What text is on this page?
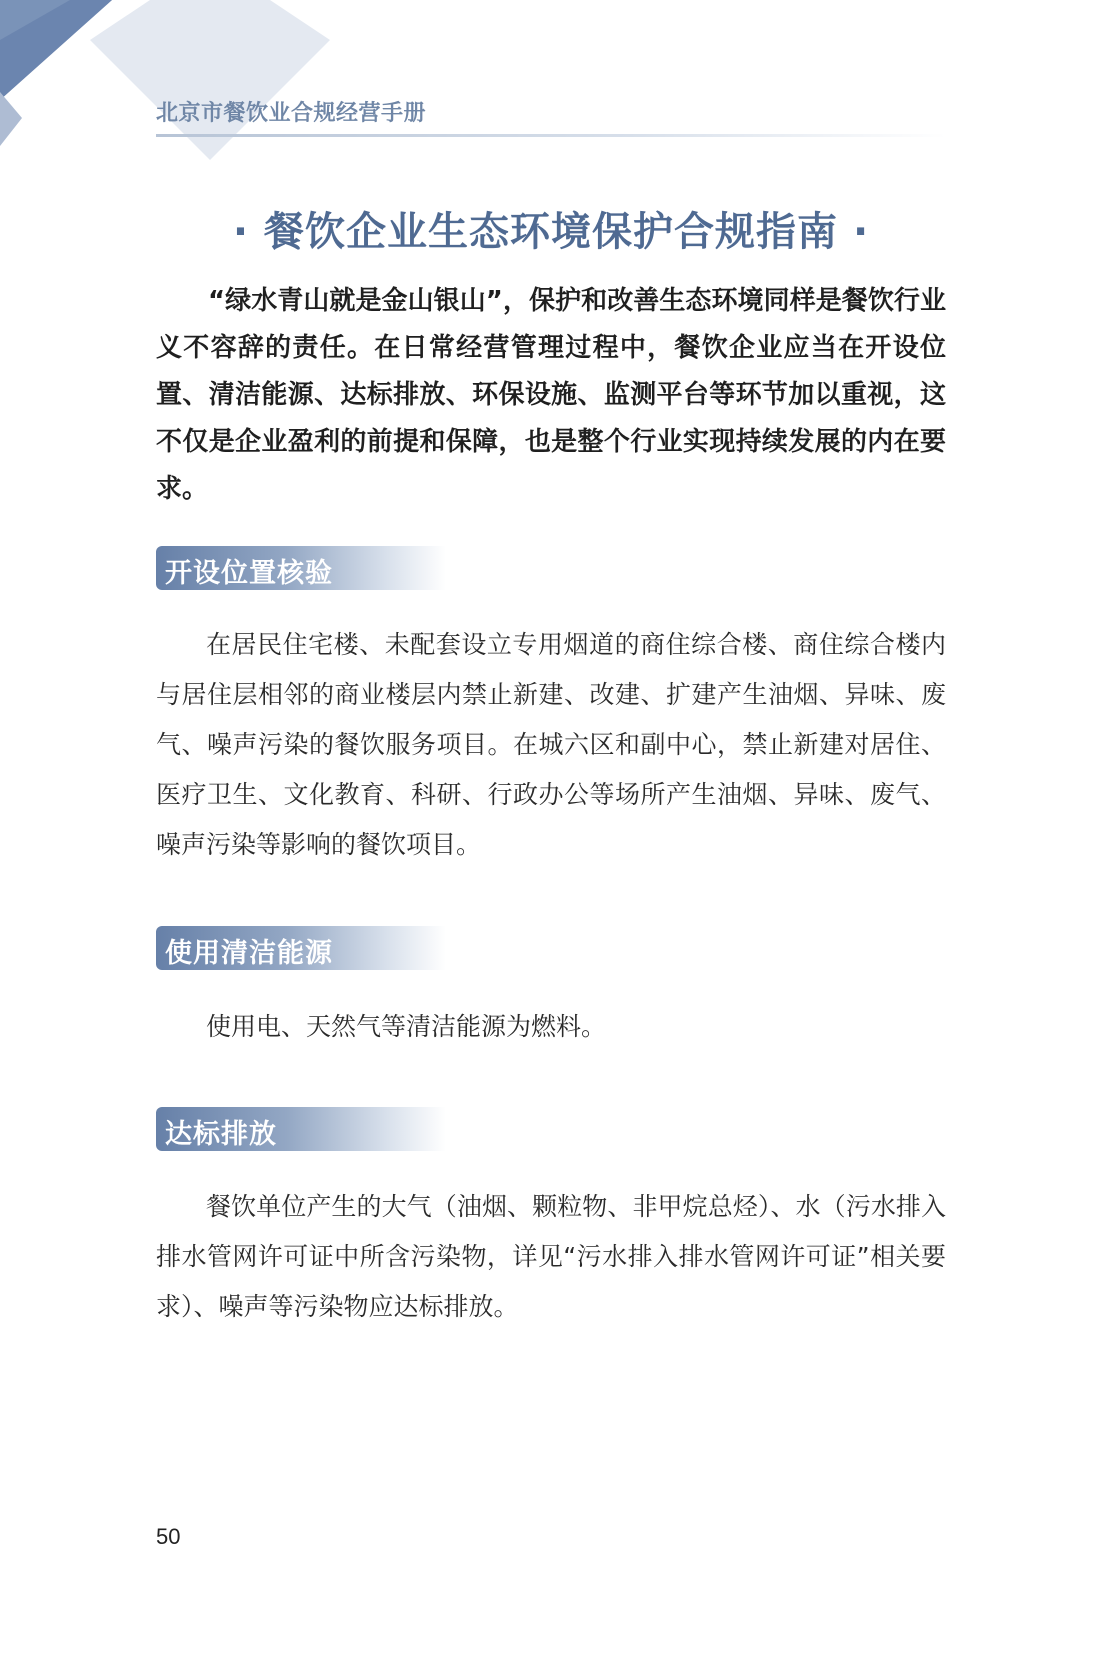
北京市餐饮业合规经营手册
· 餐饮企业生态环境保护合规指南 ·

“绿水青山就是金山银山”，保护和改善生态环境同样是餐饮行业义不容辞的责任。在日常经营管理过程中，餐饮企业应当在开设位置、清洁能源、达标排放、环保设施、监测平台等环节加以重视，这不仅是企业盈利的前提和保障，也是整个行业实现持续发展的内在要求。

开设位置核验

在居民住宅楼、未配套设立专用烟道的商住综合楼、商住综合楼内与居住层相邻的商业楼层内禁止新建、改建、扩建产生油烟、异味、废气、噪声污染的餐饮服务项目。在城六区和副中心，禁止新建对居住、医疗卫生、文化教育、科研、行政办公等场所产生油烟、异味、废气、噪声污染等影响的餐饮项目。

使用清洁能源

使用电、天然气等清洁能源为燃料。

达标排放

餐饮单位产生的大气（油烟、颗粒物、非甲烷总烃）、水（污水排入排水管网许可证中所含污染物，详见“污水排入排水管网许可证”相关要求）、噪声等污染物应达标排放。

50
